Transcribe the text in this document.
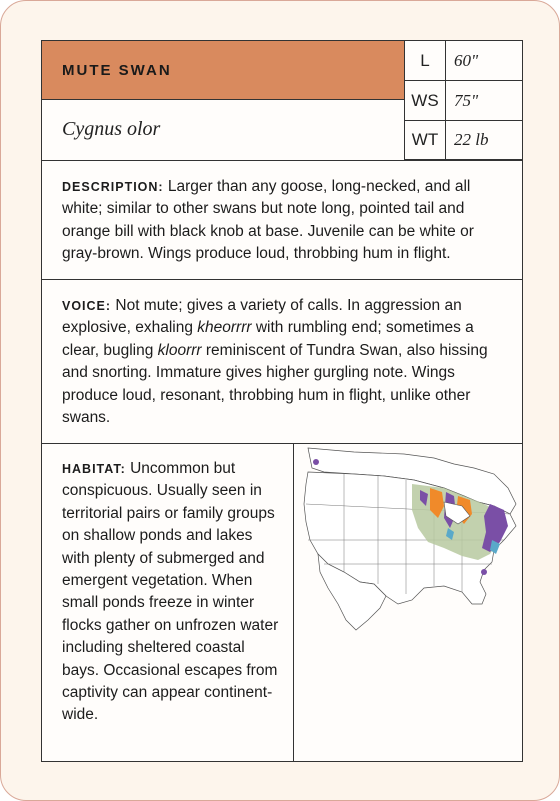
MUTE SWAN
Cygnus olor
L	60"
WS 75"
WT 22 lb

DESCRIPTION: Larger than any goose, long-necked, and all white; similar to other swans but note long, pointed tail and orange bill with black knob at base. Juvenile can be white or gray-brown. Wings produce loud, throbbing hum in flight.

VOICE: Not mute; gives a variety of calls. In aggression an explosive, exhaling kheorrrr with rumbling end; sometimes a clear, bugling kloorrr reminiscent of Tundra Swan, also hissing and snorting. Immature gives higher gurgling note. Wings produce loud, resonant, throbbing hum in flight, unlike other swans.

HABITAT: Uncommon but conspicuous. Usually seen in territorial pairs or family groups on shallow ponds and lakes with plenty of submerged and emergent vegetation. When small ponds freeze in winter flocks gather on unfrozen water including sheltered coastal bays. Occasional escapes from captivity can appear continent-wide.
